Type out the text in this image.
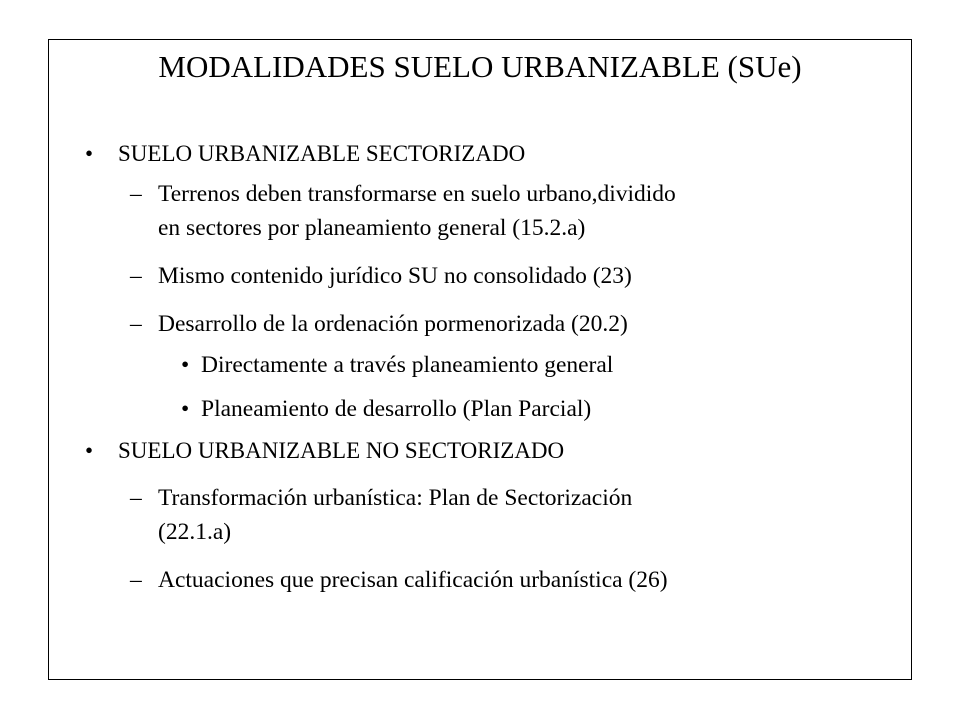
MODALIDADES SUELO URBANIZABLE (SUe)
• SUELO URBANIZABLE SECTORIZADO
– Terrenos deben transformarse en suelo urbano,dividido
en sectores por planeamiento general (15.2.a)
– Mismo contenido jurídico SU no consolidado (23)
– Desarrollo de la ordenación pormenorizada (20.2)
• Directamente a través planeamiento general
• Planeamiento de desarrollo (Plan Parcial)
• SUELO URBANIZABLE NO SECTORIZADO
– Transformación urbanística: Plan de Sectorización
(22.1.a)
– Actuaciones que precisan calificación urbanística (26)
